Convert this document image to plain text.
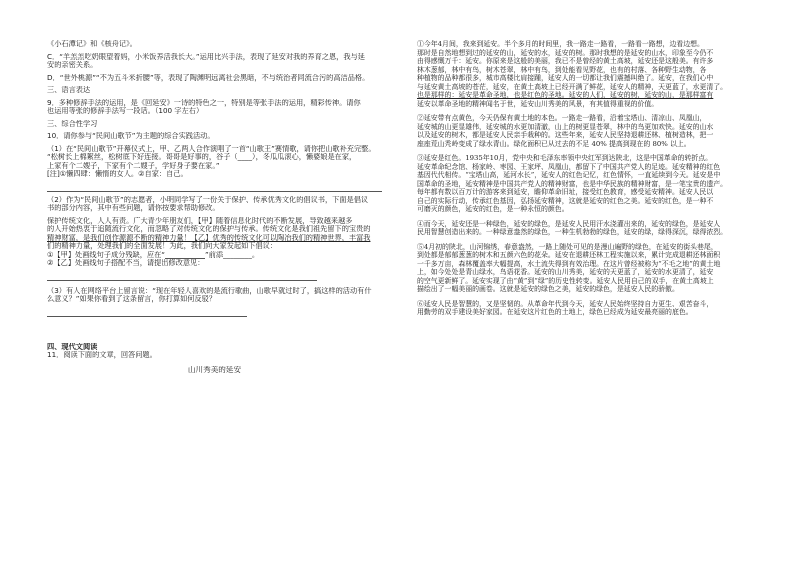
《小石潭记》和《核舟记》。

C．“羊羔羔吃奶眼望着妈，小米饭养活我长大。”运用比兴手法，表现了延安对我的养育之恩，我与延

安的亲密关系。

D．“世外桃源”“不为五斗米折腰”等，表现了陶渊明远离社会黑暗，不与统治者同流合污的高洁品格。

三、语言表达

9．多种修辞手法的运用，是《回延安》一诗的特色之一，特别是等张手法的运用，精彩传神。请你

也运用等张的修辞手法写一段话。（100 字左右）

三、综合性学习

10．请你参与“民间山歌节”为主题的综合实践活动。

（1）在“民间山歌节”开幕仪式上，甲、乙两人合作演唱了一首“山歌王”赛情歌，请你把山歌补充完整。

“松树长上棉絮丝，松树底下好连接。哥哥是好事的，谷子（____），冬瓜瓜滚心，懒婆娘是在家，

上家有个二嫂子，下家有个二嫂子，学好身子要在家。”

[注]①懒四肆：懒惰的女人。②自家：自己。

（2）作为“民间山歌节”的志愿者，小明同学写了一份关于保护、传承优秀文化的倡议书，下面是倡议

书的部分内容，其中有些问题，请你按要求帮助修改。

保护传统文化，人人有责。广大青少年朋友们，【甲】随着信息化时代的不断发展，导致越来越多

的人开始热衷于追随流行文化，而忽略了对传统文化的保护与传承。传统文化是我们祖先留下的宝贵的

精神财富，是我们创作源源不断的精神力量！【乙】优秀的传统文化可以陶冶我们的精神世界，丰富我

们的精神力量，处理我们的全面发展！为此，我们向大家发起如下倡议：

①【甲】处画线句子成分残缺，应在“	”前添________。

②【乙】处画线句子搭配不当，请提出修改意见：

（3）有人在网络平台上留言说：“现在年轻人喜欢的是流行歌曲，山歌早就过时了，搞这样的活动有什

么意义？”如果你看到了这条留言，你打算如何反驳？

四、现代文阅读

11．阅读下面的文章，回答问题。

山川秀美的延安

①今年4月间，我来到延安。半个多月的时间里，我一路走一路看，一路看一路想，边看边想。

那时是自然地想到过的延安的山，延安的水，延安的树。那时我想的是延安的山水，印象至今仍不

由得感慨万千：延安。你原来是这般的美丽，我已不是曾经的黄土高坡，延安还是这般美。有许多

林木葱郁，林中有鸟，树木苍翠，林中有鸟，到处能看见野花，也有的村落、各种野生动物，各

种植物的品种都很多，城市高楼比肩接踵，延安人的一切都让我们震撼叫绝了。延安，在我们心中

与延安黄土高坡的苍茫，延安，在黄土高坡上已经开满了鲜花，延安人的精神，天更蓝了，水更清了。

也是那样的：延安是革命圣地，也是红色的圣地。延安的人们，延安的树，延安的山，是那样富有

延安以革命圣地的精神闻名于世，延安山川秀美的风景，有其值得重视的价值。

②延安带有点黄色，今天仍保有黄土地的本色。一路走一路看，沿着宝塔山、清凉山、凤凰山，

延安城的山更显雄伟，延安城的水更加清澈，山上的树更显苍翠，林中的鸟更加欢快。延安的山水

以及延安的树木，都是延安人民亲手栽种的。这些年来，延安人民坚持退耕还林、植树造林，把一

座座荒山秃岭变成了绿水青山。绿化面积已从过去的不足 40% 提高到现在的 80% 以上。

③延安是红色。1935年10月，党中央和毛泽东率领中央红军到达陕北，这是中国革命的转折点。

延安革命纪念馆、杨家岭、枣园、王家坪、凤凰山，都留下了中国共产党人的足迹。延安精神的红色

基因代代相传。“宝塔山高，延河水长”，延安人的红色记忆，红色情怀，一直延续到今天。延安是中

国革命的圣地，延安精神是中国共产党人的精神财富，也是中华民族的精神财富，是一笔宝贵的遗产。

每年都有数以百万计的游客来到延安，瞻仰革命旧址，接受红色教育，感受延安精神。延安人民以

自己的实际行动，传承红色基因，弘扬延安精神，这就是延安的红色之美。延安的红色，是一种不

可磨灭的颜色，延安的红色，是一种永恒的颜色。

④而今天，延安还是一种绿色，延安的绿色，是延安人民用汗水浇灌出来的，延安的绿色，是延安人

民用智慧创造出来的。一种绿意盎然的绿色，一种生机勃勃的绿色，延安的绿，绿得深沉，绿得浓烈。

⑤4月初的陕北，山河锦绣，春意盎然，一路上随处可见的是漫山遍野的绿色，在延安的街头巷尾，

到处都是郁郁葱葱的树木和五颜六色的花朵。延安在退耕还林工程实施以来，累计完成退耕还林面积

一千多万亩，森林覆盖率大幅提高，水土流失得到有效治理。在这片曾经被称为“不毛之地”的黄土地

上，如今处处是青山绿水，鸟语花香。延安的山川秀美，延安的天更蓝了，延安的水更清了，延安

的空气更新鲜了。延安实现了由“黄”到“绿”的历史性转变。延安人民用自己的双手，在黄土高坡上

描绘出了一幅美丽的画卷。这就是延安的绿色之美，延安的绿色，是延安人民的骄傲。

⑥延安人民是智慧的，又是坚韧的。从革命年代到今天，延安人民始终坚持自力更生、艰苦奋斗，

用勤劳的双手建设美好家园。在延安这片红色的土地上，绿色已经成为延安最亮丽的底色。
